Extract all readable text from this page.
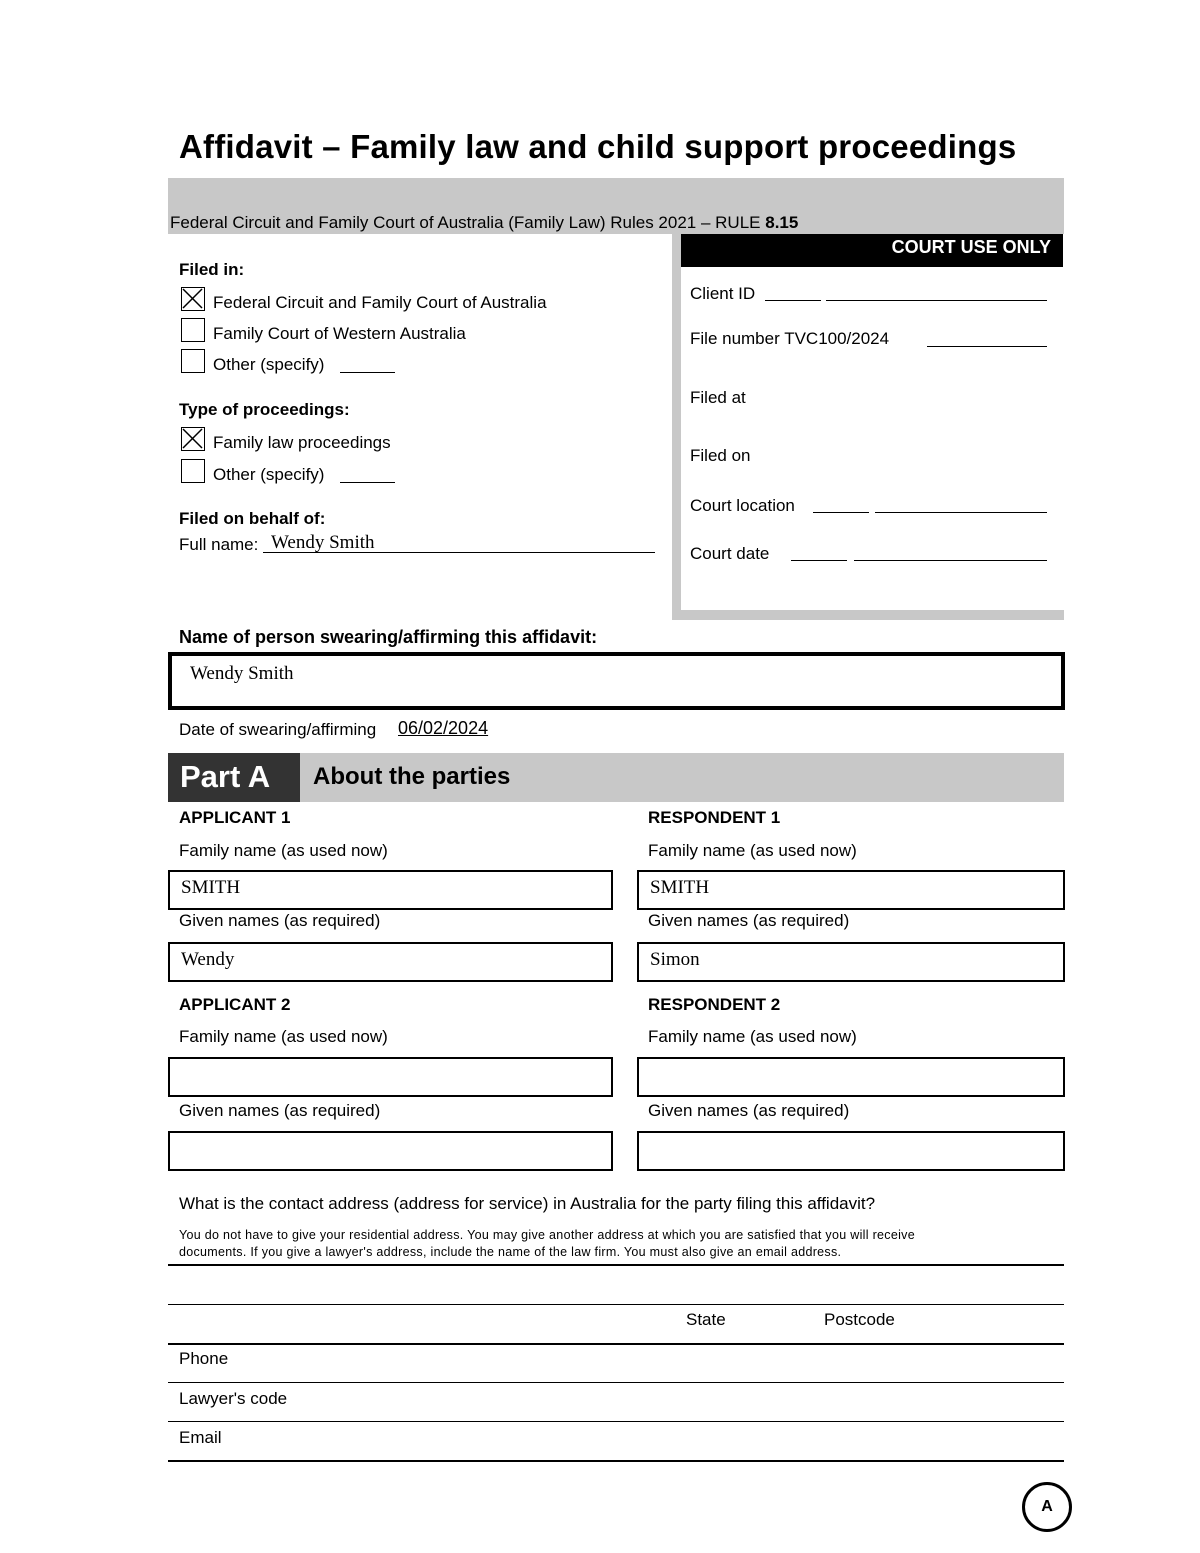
Affidavit – Family law and child support proceedings
Federal Circuit and Family Court of Australia (Family Law) Rules 2021 – RULE 8.15
COURT USE ONLY
Client ID
File number TVC100/2024
Filed at
Filed on
Court location
Court date
Filed in:
Federal Circuit and Family Court of Australia
Family Court of Western Australia
Other (specify)
Type of proceedings:
Family law proceedings
Other (specify)
Filed on behalf of:
Full name: Wendy Smith
Name of person swearing/affirming this affidavit:
Wendy Smith
Date of swearing/affirming 06/02/2024
Part A	About the parties
APPLICANT 1
Family name (as used now)
SMITH
Given names (as required)
Wendy
RESPONDENT 1
Family name (as used now)
SMITH
Given names (as required)
Simon
APPLICANT 2
Family name (as used now)
Given names (as required)
RESPONDENT 2
Family name (as used now)
Given names (as required)
What is the contact address (address for service) in Australia for the party filing this affidavit?
You do not have to give your residential address. You may give another address at which you are satisfied that you will receive
documents. If you give a lawyer's address, include the name of the law firm. You must also give an email address.
State	Postcode
Phone
Lawyer's code
Email
A
